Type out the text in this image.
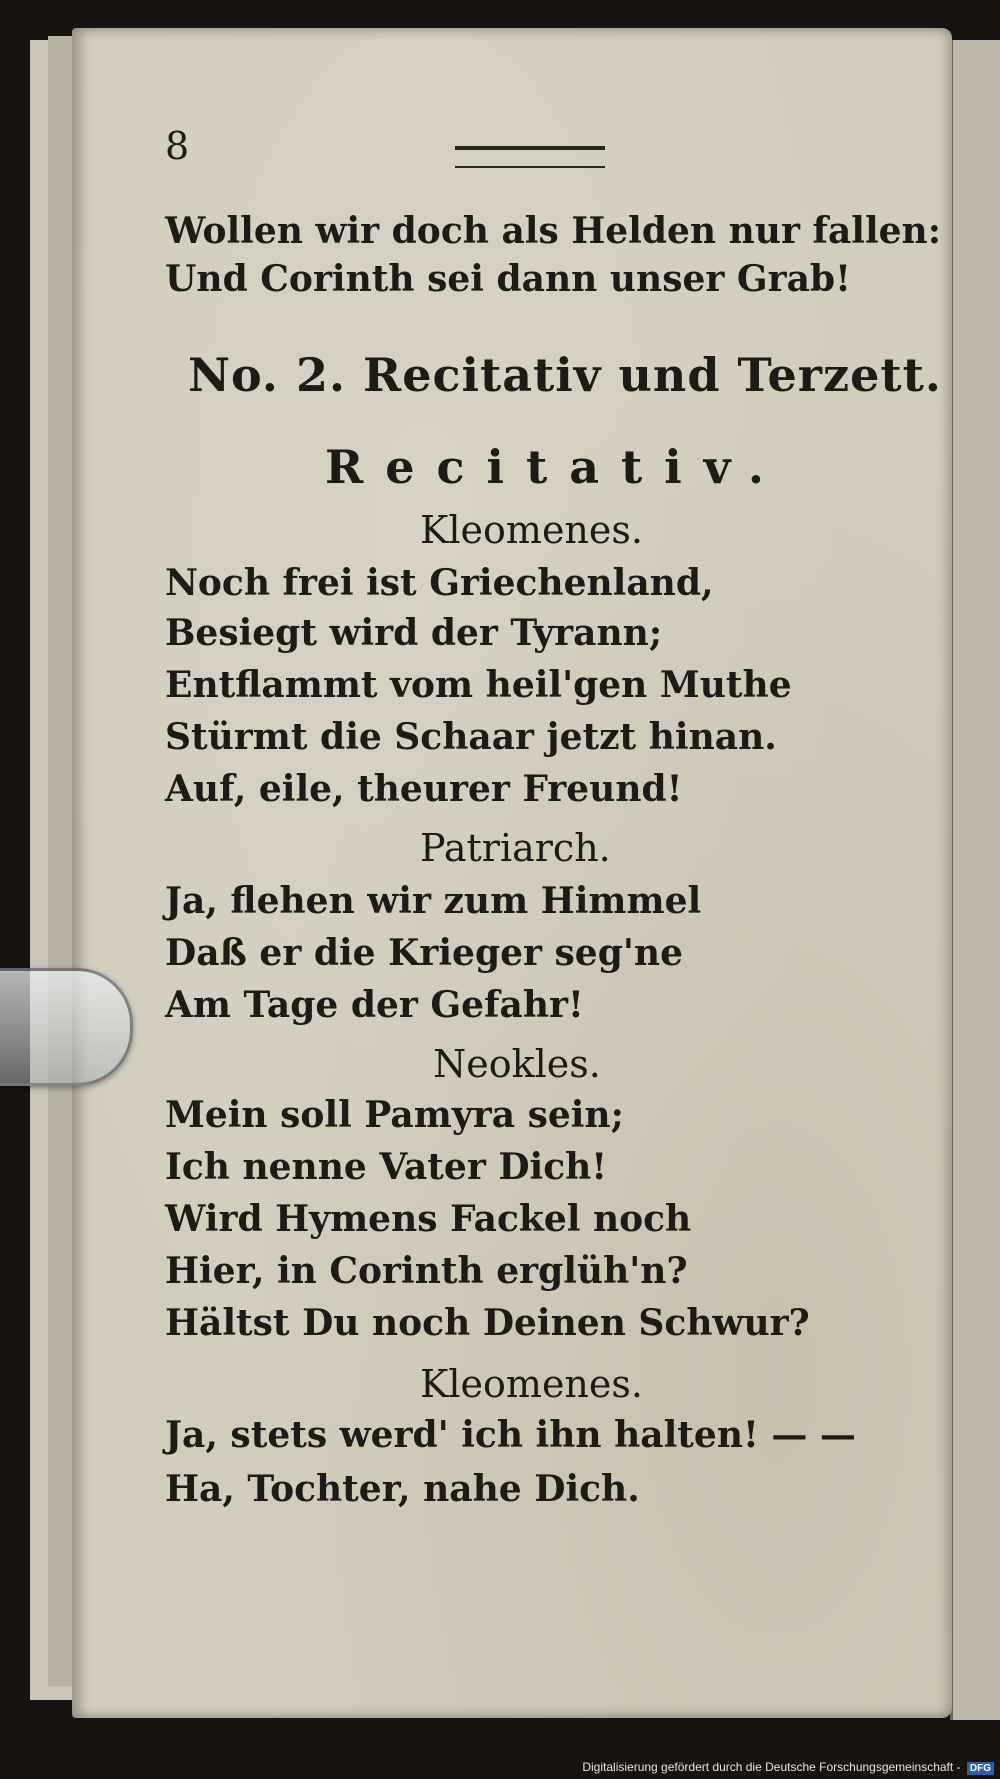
8
Wollen wir doch als Helden nur fallen:
Und Corinth sei dann unser Grab!
No. 2. Recitativ und Terzett.
Recitativ.
Kleomenes.
Noch frei ist Griechenland,
Besiegt wird der Tyrann;
Entflammt vom heil'gen Muthe
Stürmt die Schaar jetzt hinan.
Auf, eile, theurer Freund!
Patriarch.
Ja, flehen wir zum Himmel
Daß er die Krieger seg'ne
Am Tage der Gefahr!
Neokles.
Mein soll Pamyra sein;
Ich nenne Vater Dich!
Wird Hymens Fackel noch
Hier, in Corinth erglüh'n?
Hältst Du noch Deinen Schwur?
Kleomenes.
Ja, stets werd' ich ihn halten! — —
Ha, Tochter, nahe Dich.
Digitalisierung gefördert durch die Deutsche Forschungsgemeinschaft - DFG
